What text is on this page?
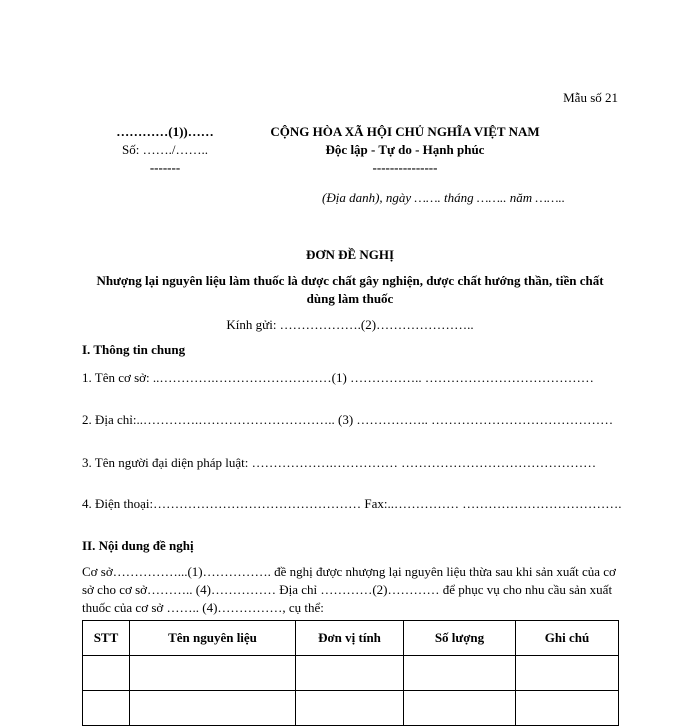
Mẫu số 21
…………(1))……
Số: ……./……..
-------
CỘNG HÒA XÃ HỘI CHỦ NGHĨA VIỆT NAM
Độc lập - Tự do - Hạnh phúc
---------------
(Địa danh), ngày ……. tháng …….. năm ……..
ĐƠN ĐỀ NGHỊ
Nhượng lại nguyên liệu làm thuốc là dược chất gây nghiện, dược chất hướng thần, tiền chất dùng làm thuốc
Kính gửi: ……………….(2)…………………..
I. Thông tin chung
1. Tên cơ sở: ..………….………………………(1) …………….. …………………………………
2. Địa chỉ:..………….………………………….. (3) …………….. ……………………………………
3. Tên người đại diện pháp luật: ……………….…………… ………………………………………
4. Điện thoại:………………………………………… Fax:..…………… ……………………………….
II. Nội dung đề nghị
Cơ sở……………...(1)……………. đề nghị được nhượng lại nguyên liệu thừa sau khi sản xuất của cơ sở cho cơ sở……….. (4)…………… Địa chỉ …………(2)………… để phục vụ cho nhu cầu sản xuất thuốc của cơ sở …….. (4)……………, cụ thể:
STT	Tên nguyên liệu	Đơn vị tính	Số lượng	Ghi chú
